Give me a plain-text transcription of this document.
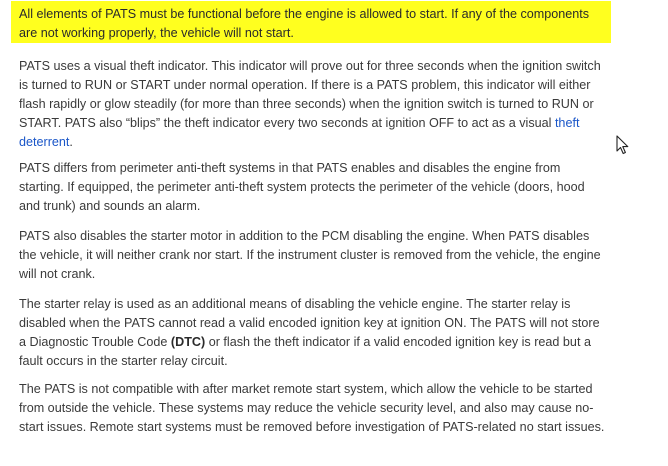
All elements of PATS must be functional before the engine is allowed to start. If any of the components are not working properly, the vehicle will not start.

PATS uses a visual theft indicator. This indicator will prove out for three seconds when the ignition switch is turned to RUN or START under normal operation. If there is a PATS problem, this indicator will either flash rapidly or glow steadily (for more than three seconds) when the ignition switch is turned to RUN or START. PATS also “blips” the theft indicator every two seconds at ignition OFF to act as a visual theft deterrent.

PATS differs from perimeter anti-theft systems in that PATS enables and disables the engine from starting. If equipped, the perimeter anti-theft system protects the perimeter of the vehicle (doors, hood and trunk) and sounds an alarm.

PATS also disables the starter motor in addition to the PCM disabling the engine. When PATS disables the vehicle, it will neither crank nor start. If the instrument cluster is removed from the vehicle, the engine will not crank.

The starter relay is used as an additional means of disabling the vehicle engine. The starter relay is disabled when the PATS cannot read a valid encoded ignition key at ignition ON. The PATS will not store a Diagnostic Trouble Code (DTC) or flash the theft indicator if a valid encoded ignition key is read but a fault occurs in the starter relay circuit.

The PATS is not compatible with after market remote start system, which allow the vehicle to be started from outside the vehicle. These systems may reduce the vehicle security level, and also may cause no-start issues. Remote start systems must be removed before investigation of PATS-related no start issues.
